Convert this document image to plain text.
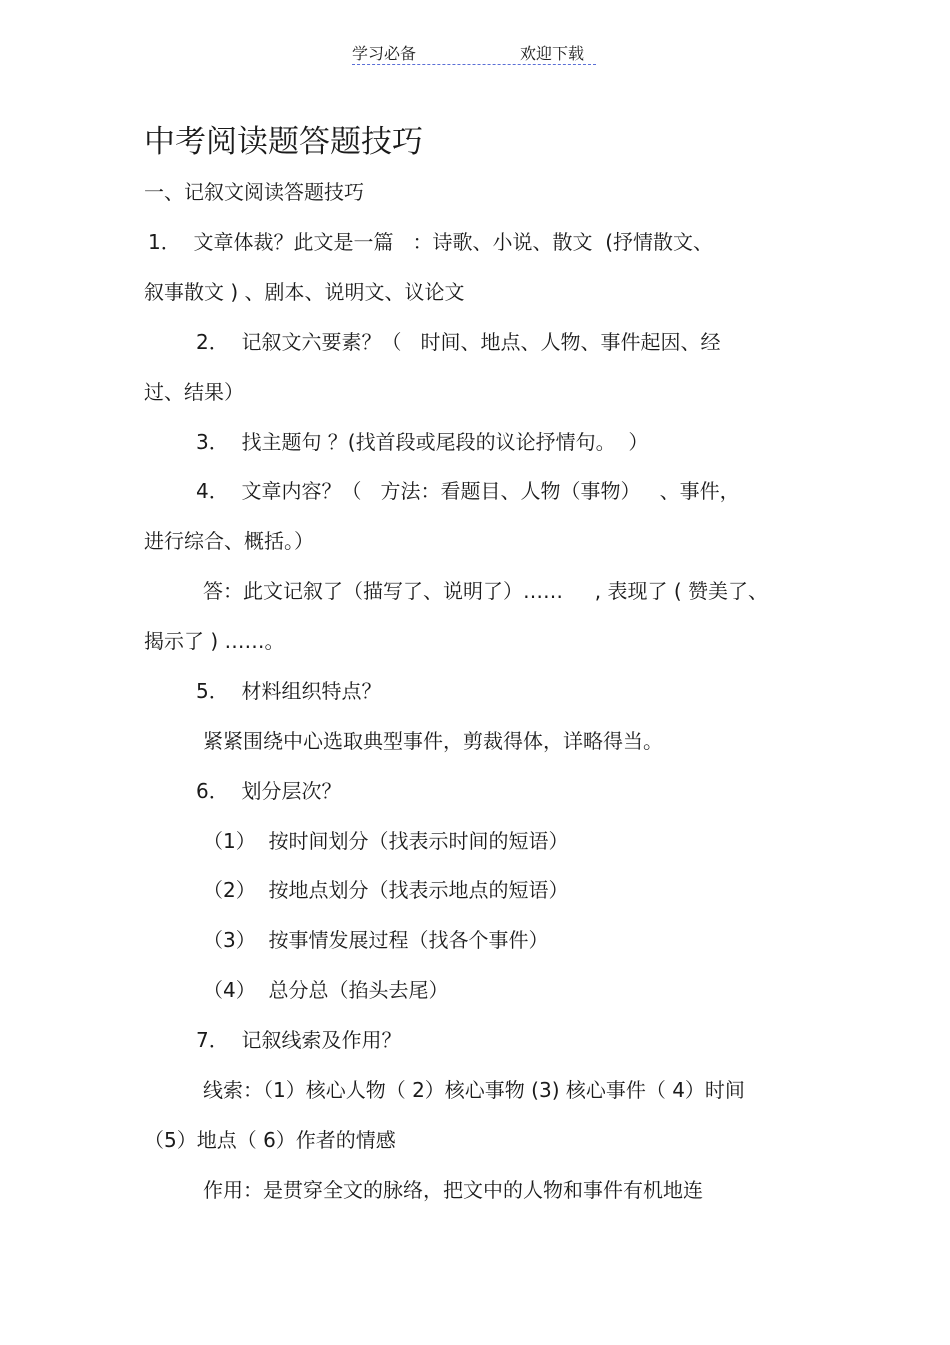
学习必备	欢迎下载
中考阅读题答题技巧
一、记叙文阅读答题技巧
1．  文章体裁？此文是一篇   ：诗歌、小说、散文  (抒情散文、
叙事散文 ) 、剧本、说明文、议论文
2．  记叙文六要素？（   时间、地点、人物、事件起因、经
过、结果）
3．  找主题句 ？(找首段或尾段的议论抒情句。  ）
4．  文章内容？（   方法：看题目、人物（事物）   、事件，
进行综合、概括。）
答：此文记叙了（描写了、说明了）……     , 表现了 ( 赞美了、
揭示了 ) ……。
5．  材料组织特点？
紧紧围绕中心选取典型事件，剪裁得体，详略得当。
6．  划分层次？
（1）  按时间划分（找表示时间的短语）
（2）  按地点划分（找表示地点的短语）
（3）  按事情发展过程（找各个事件）
（4）  总分总（掐头去尾）
7．  记叙线索及作用？
线索：（1）核心人物（ 2）核心事物 (3) 核心事件（ 4）时间
（5）地点（ 6）作者的情感
作用：是贯穿全文的脉络，把文中的人物和事件有机地连
